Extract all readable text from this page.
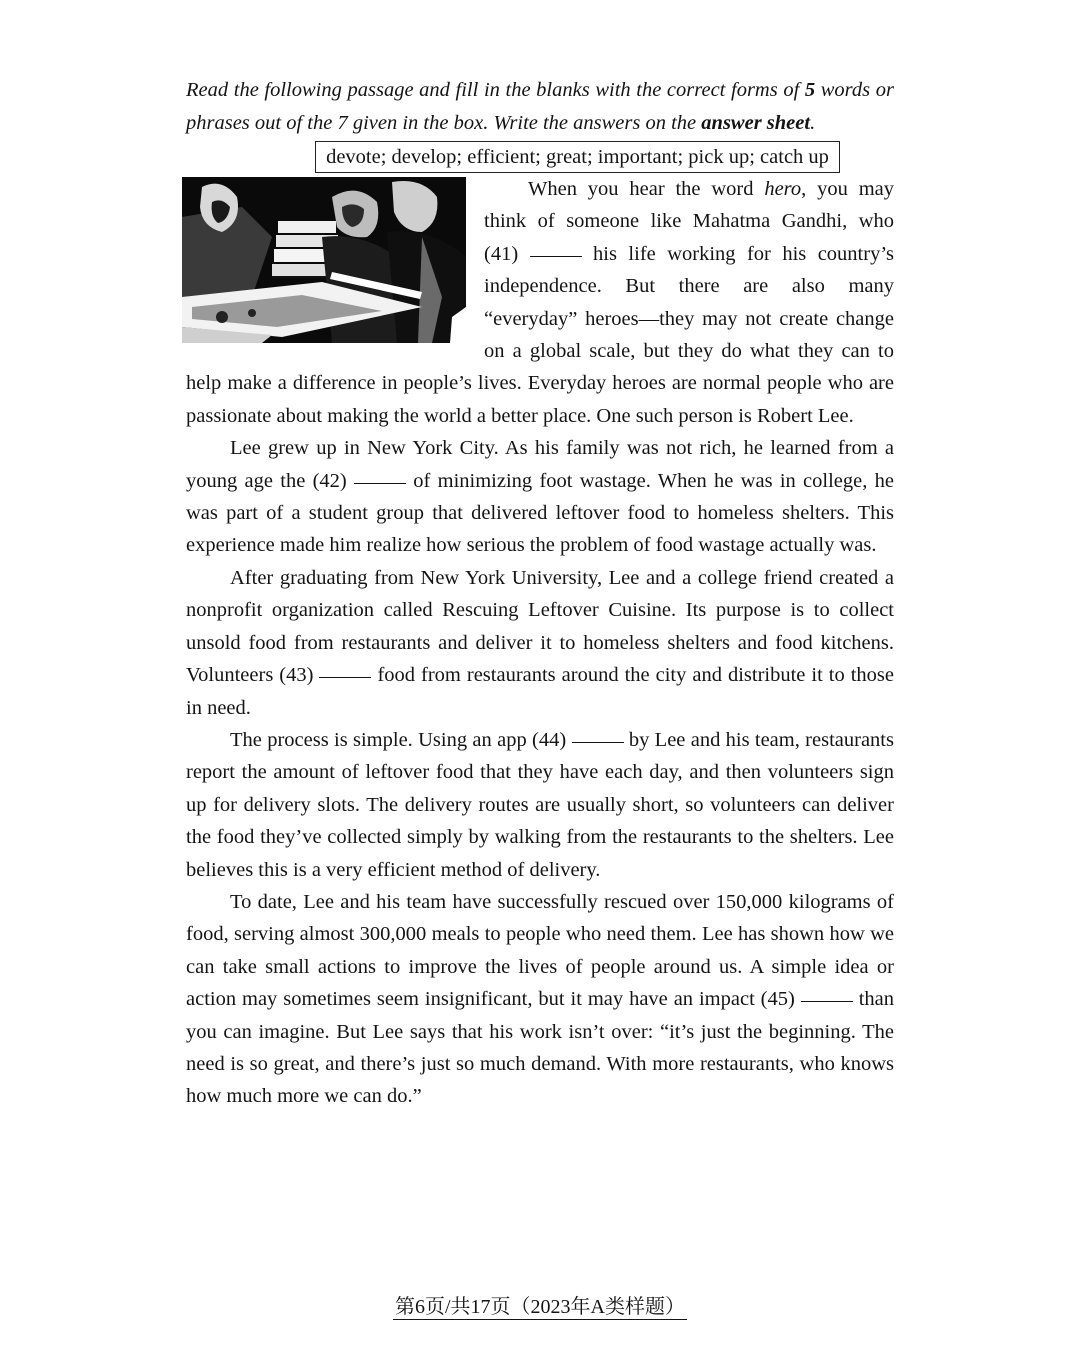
Read the following passage and fill in the blanks with the correct forms of 5 words or phrases out of the 7 given in the box. Write the answers on the answer sheet.

devote; develop; efficient; great; important; pick up; catch up

When you hear the word hero, you may think of someone like Mahatma Gandhi, who (41)	his life working for his country’s independence. But there are also many “everyday” heroes—they may not create change on a global scale, but they do what they can to help make a difference in people’s lives. Everyday heroes are normal people who are passionate about making the world a better place. One such person is Robert Lee.

Lee grew up in New York City. As his family was not rich, he learned from a young age the (42)	of minimizing foot wastage. When he was in college, he was part of a student group that delivered leftover food to homeless shelters. This experience made him realize how serious the problem of food wastage actually was.

After graduating from New York University, Lee and a college friend created a nonprofit organization called Rescuing Leftover Cuisine. Its purpose is to collect unsold food from restaurants and deliver it to homeless shelters and food kitchens. Volunteers (43)	food from restaurants around the city and distribute it to those in need.

The process is simple. Using an app (44)	by Lee and his team, restaurants report the amount of leftover food that they have each day, and then volunteers sign up for delivery slots. The delivery routes are usually short, so volunteers can deliver the food they’ve collected simply by walking from the restaurants to the shelters. Lee believes this is a very efficient method of delivery.

To date, Lee and his team have successfully rescued over 150,000 kilograms of food, serving almost 300,000 meals to people who need them. Lee has shown how we can take small actions to improve the lives of people around us. A simple idea or action may sometimes seem insignificant, but it may have an impact (45)	than you can imagine. But Lee says that his work isn’t over: “it’s just the beginning. The need is so great, and there’s just so much demand. With more restaurants, who knows how much more we can do.”

第6页/共17页（2023年A类样题）
